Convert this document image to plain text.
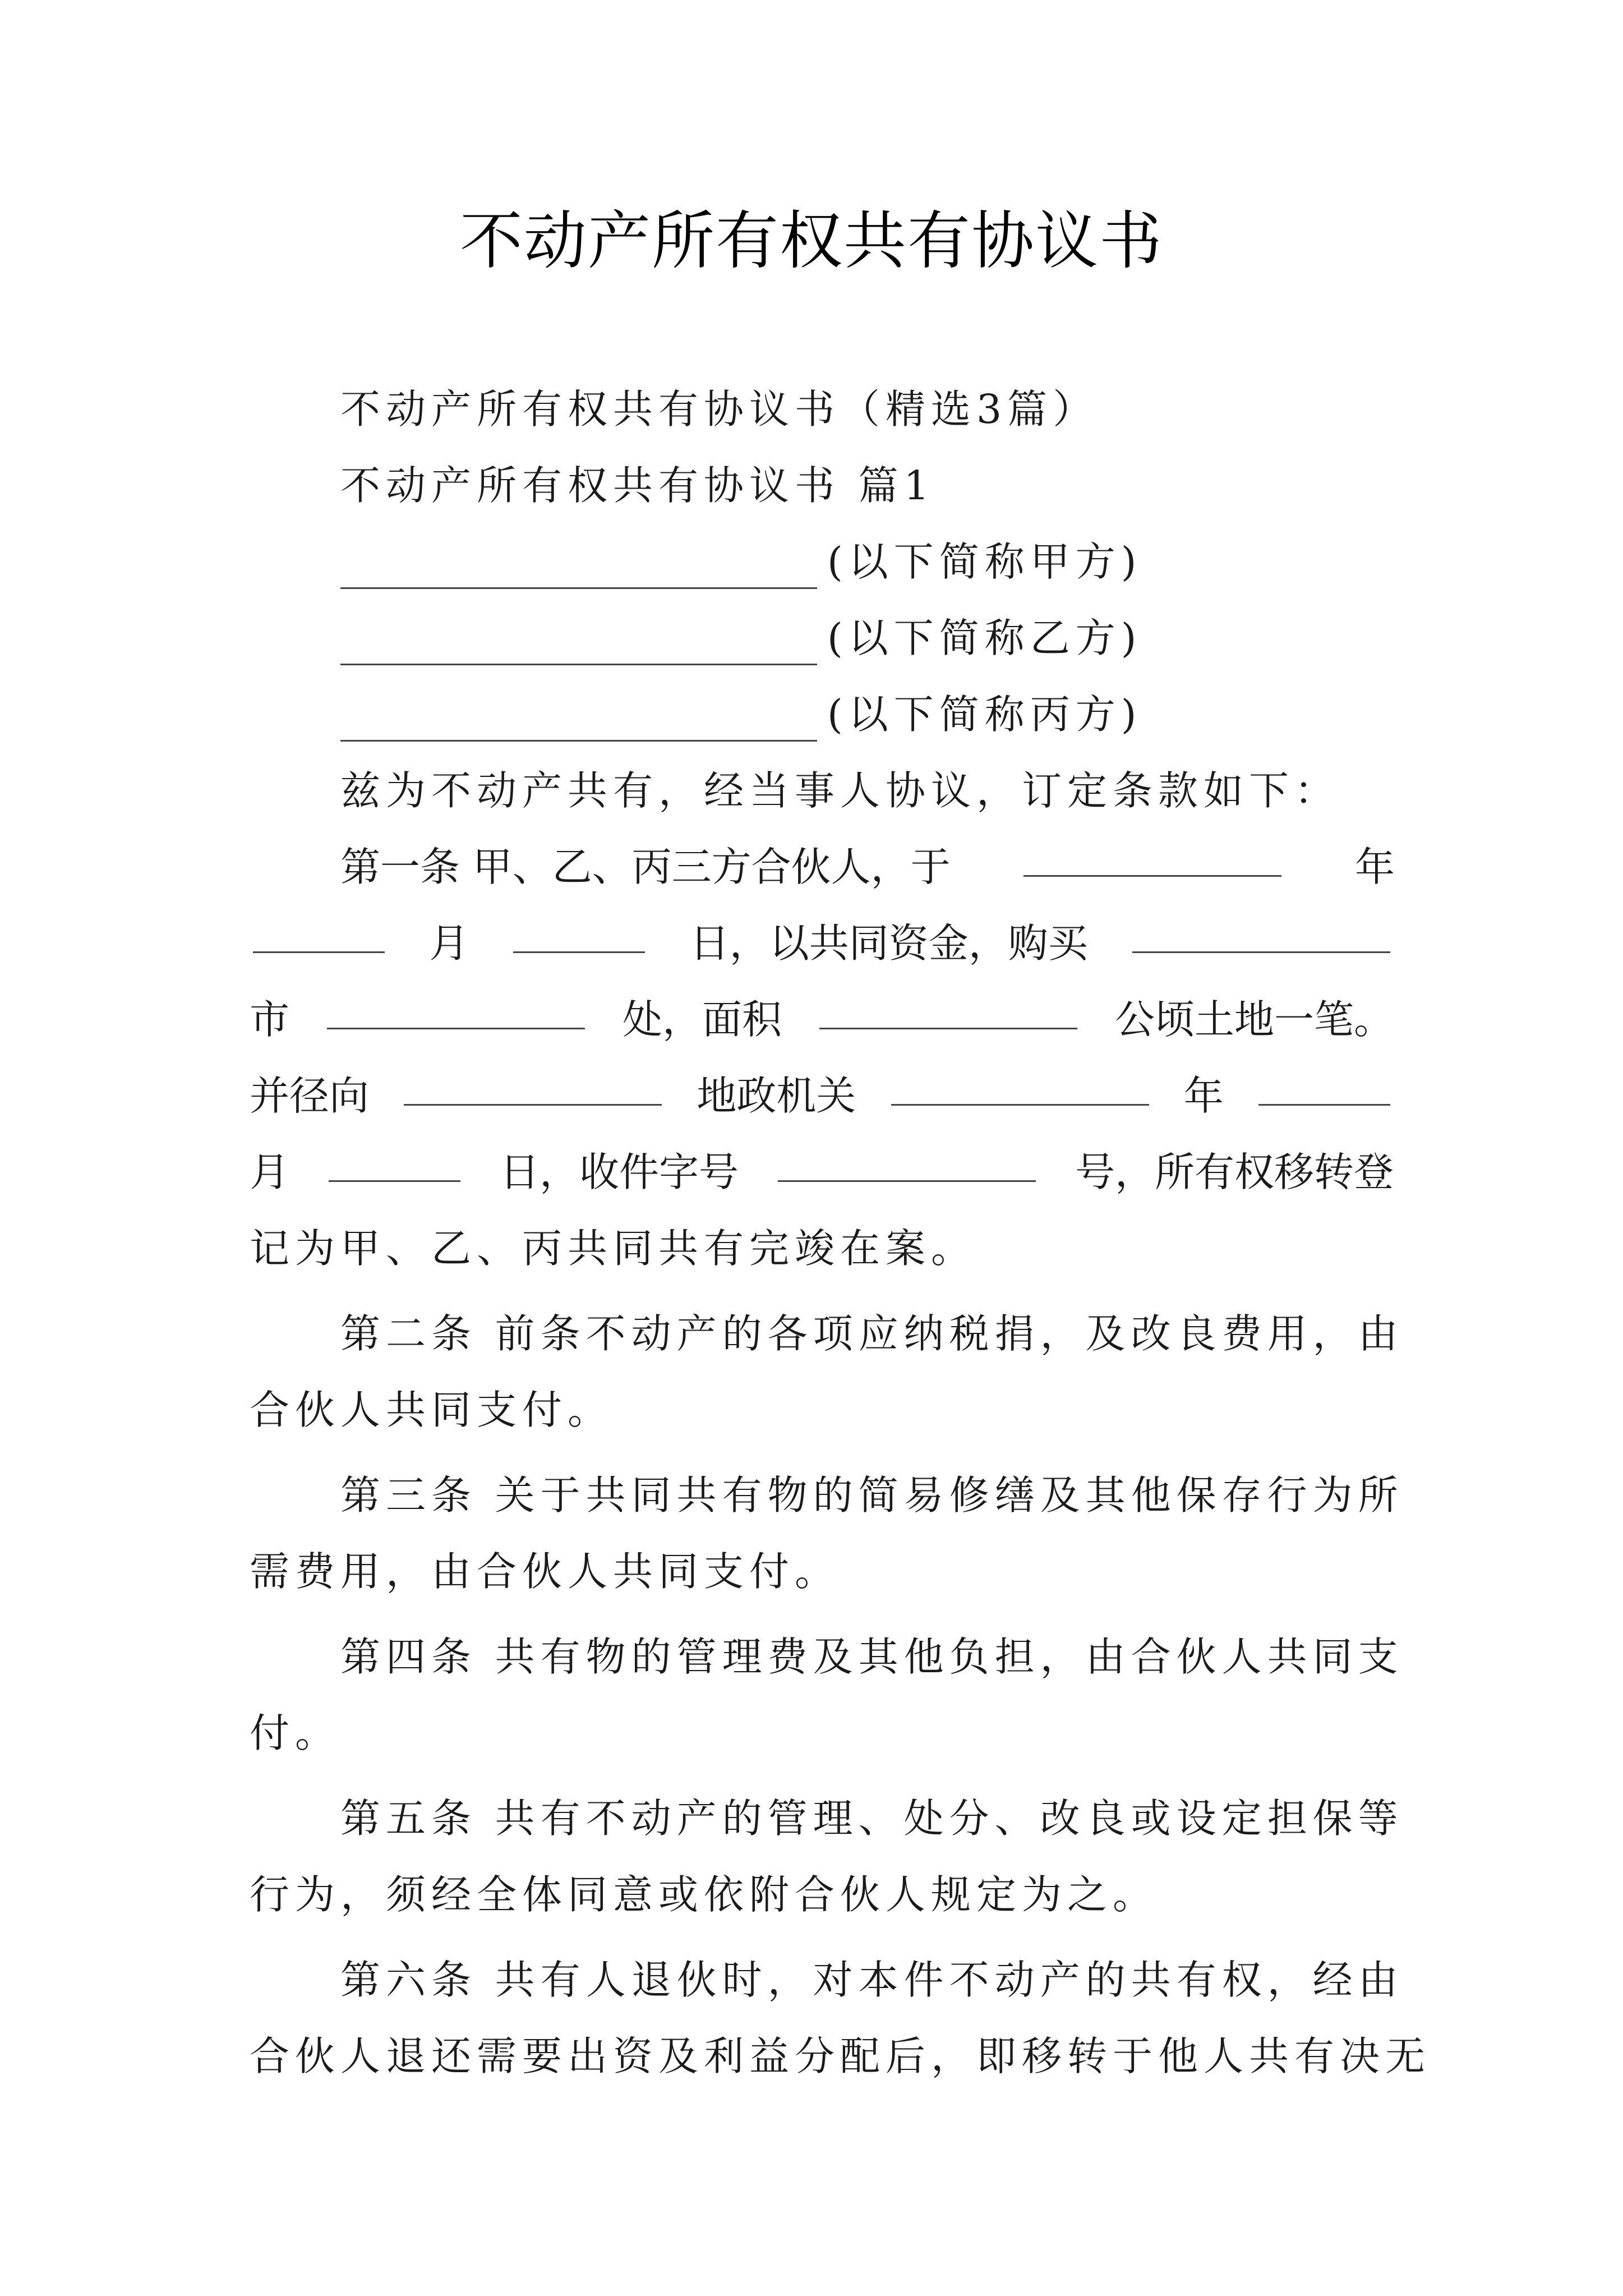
不动产所有权共有协议书
不动产所有权共有协议书（精选3篇）
不动产所有权共有协议书 篇1
(以下简称甲方)
(以下简称乙方)
(以下简称丙方)
兹为不动产共有，经当事人协议，订定条款如下：
第一条 甲、乙、丙三方合伙人，于	年
月	日，以共同资金，购买
市	处，面积	公顷土地一笔。
并径向	地政机关	年
月	日，收件字号	号，所有权移转登
记为甲、乙、丙共同共有完竣在案。
第二条 前条不动产的各项应纳税捐，及改良费用，由
合伙人共同支付。
第三条 关于共同共有物的简易修缮及其他保存行为所
需费用，由合伙人共同支付。
第四条 共有物的管理费及其他负担，由合伙人共同支
付。
第五条 共有不动产的管理、处分、改良或设定担保等
行为，须经全体同意或依附合伙人规定为之。
第六条 共有人退伙时，对本件不动产的共有权，经由
合伙人退还需要出资及利益分配后，即移转于他人共有决无
